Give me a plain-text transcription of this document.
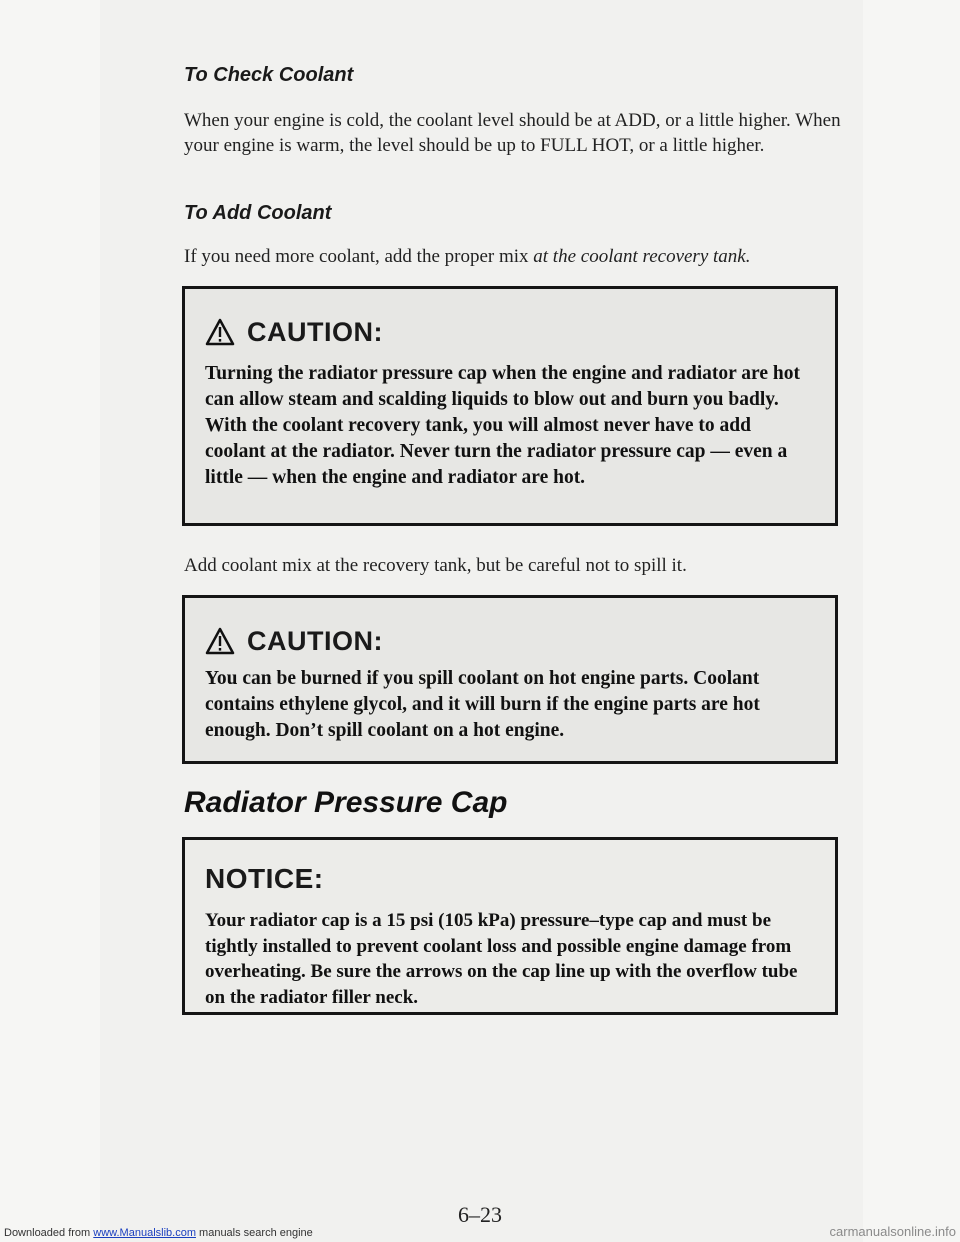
To Check Coolant

When your engine is cold, the coolant level should be at ADD, or a little higher. When your engine is warm, the level should be up to FULL HOT, or a little higher.

To Add Coolant

If you need more coolant, add the proper mix at the coolant recovery tank.

CAUTION:

Turning the radiator pressure cap when the engine and radiator are hot can allow steam and scalding liquids to blow out and burn you badly. With the coolant recovery tank, you will almost never have to add coolant at the radiator. Never turn the radiator pressure cap — even a little — when the engine and radiator are hot.

Add coolant mix at the recovery tank, but be careful not to spill it.

CAUTION:

You can be burned if you spill coolant on hot engine parts. Coolant contains ethylene glycol, and it will burn if the engine parts are hot enough. Don’t spill coolant on a hot engine.

Radiator Pressure Cap
NOTICE:

Your radiator cap is a 15 psi (105 kPa) pressure–type cap and must be tightly installed to prevent coolant loss and possible engine damage from overheating. Be sure the arrows on the cap line up with the overflow tube on the radiator filler neck.

6–23
Downloaded from www.Manualslib.com manuals search engine	carmanualsonline.info
